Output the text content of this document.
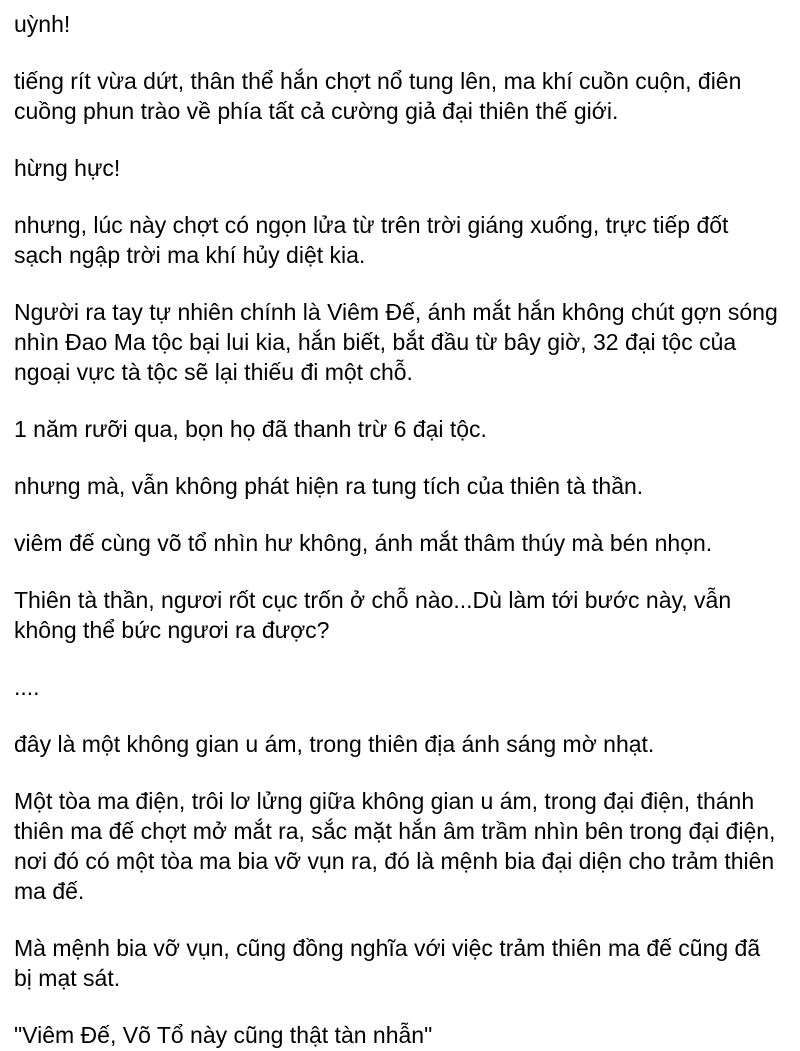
uỳnh!

tiếng rít vừa dứt, thân thể hắn chợt nổ tung lên, ma khí cuồn cuộn, điên cuồng phun trào về phía tất cả cường giả đại thiên thế giới.

hừng hực!

nhưng, lúc này chợt có ngọn lửa từ trên trời giáng xuống, trực tiếp đốt sạch ngập trời ma khí hủy diệt kia.

Người ra tay tự nhiên chính là Viêm Đế, ánh mắt hắn không chút gợn sóng nhìn Đao Ma tộc bại lui kia, hắn biết, bắt đầu từ bây giờ, 32 đại tộc của ngoại vực tà tộc sẽ lại thiếu đi một chỗ.

1 năm rưỡi qua, bọn họ đã thanh trừ 6 đại tộc.

nhưng mà, vẫn không phát hiện ra tung tích của thiên tà thần.

viêm đế cùng võ tổ nhìn hư không, ánh mắt thâm thúy mà bén nhọn.

Thiên tà thần, ngươi rốt cục trốn ở chỗ nào...Dù làm tới bước này, vẫn không thể bức ngươi ra được?

....

đây là một không gian u ám, trong thiên địa ánh sáng mờ nhạt.

Một tòa ma điện, trôi lơ lửng giữa không gian u ám, trong đại điện, thánh thiên ma đế chợt mở mắt ra, sắc mặt hắn âm trầm nhìn bên trong đại điện, nơi đó có một tòa ma bia vỡ vụn ra, đó là mệnh bia đại diện cho trảm thiên ma đế.

Mà mệnh bia vỡ vụn, cũng đồng nghĩa với việc trảm thiên ma đế cũng đã bị mạt sát.

"Viêm Đế, Võ Tổ này cũng thật tàn nhẫn"
